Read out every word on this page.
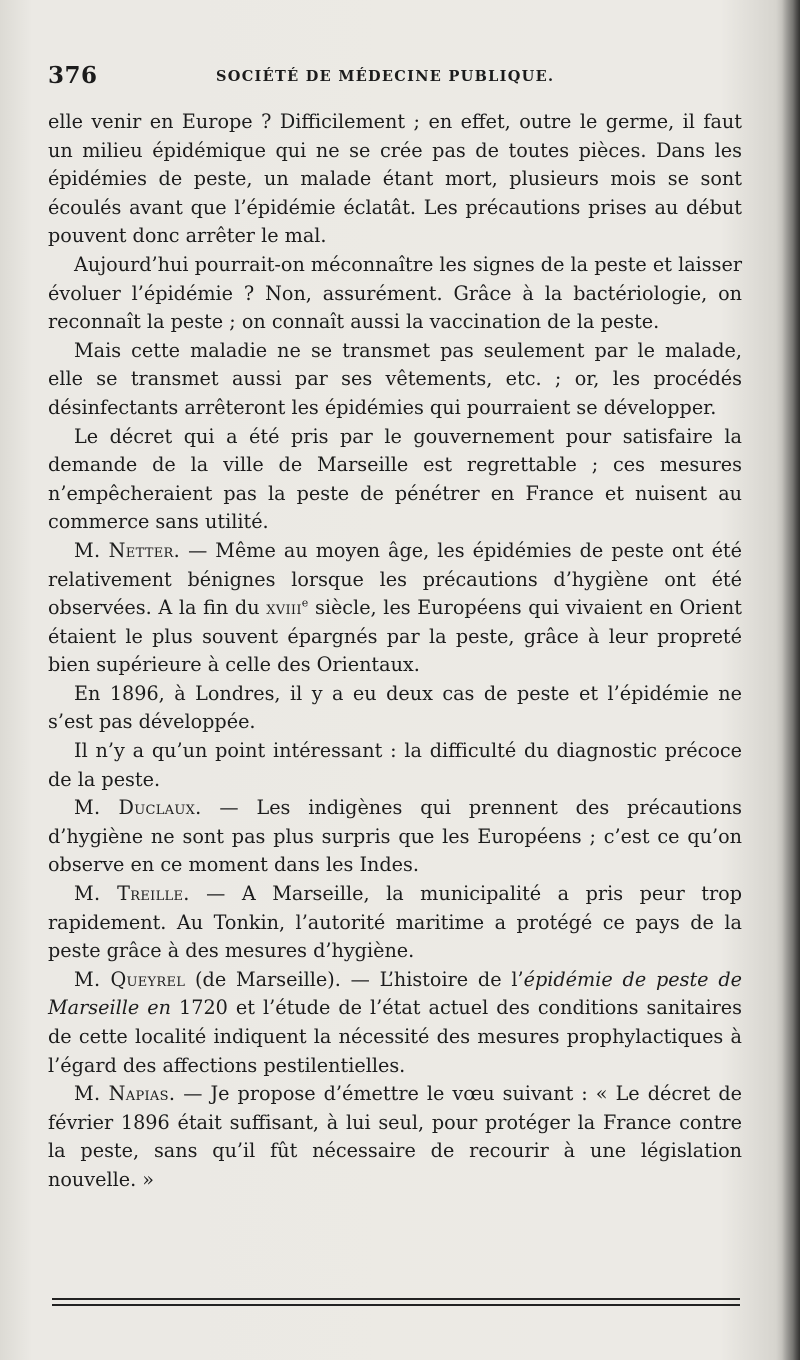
376	SOCIÉTÉ DE MÉDECINE PUBLIQUE.

elle venir en Europe ? Difficilement ; en effet, outre le germe, il faut un milieu épidémique qui ne se crée pas de toutes pièces. Dans les épidémies de peste, un malade étant mort, plusieurs mois se sont écoulés avant que l’épidémie éclatât. Les précautions prises au début pouvent donc arrêter le mal.

Aujourd’hui pourrait-on méconnaître les signes de la peste et laisser évoluer l’épidémie ? Non, assurément. Grâce à la bactériologie, on reconnaît la peste ; on connaît aussi la vaccination de la peste.

Mais cette maladie ne se transmet pas seulement par le malade, elle se transmet aussi par ses vêtements, etc. ; or, les procédés désinfectants arrêteront les épidémies qui pourraient se développer.

Le décret qui a été pris par le gouvernement pour satisfaire la demande de la ville de Marseille est regrettable ; ces mesures n’empêcheraient pas la peste de pénétrer en France et nuisent au commerce sans utilité.

M. Netter. — Même au moyen âge, les épidémies de peste ont été relativement bénignes lorsque les précautions d’hygiène ont été observées. A la fin du xviii$^e$ siècle, les Européens qui vivaient en Orient étaient le plus souvent épargnés par la peste, grâce à leur propreté bien supérieure à celle des Orientaux.

En 1896, à Londres, il y a eu deux cas de peste et l’épidémie ne s’est pas développée.

Il n’y a qu’un point intéressant : la difficulté du diagnostic précoce de la peste.

M. Duclaux. — Les indigènes qui prennent des précautions d’hygiène ne sont pas plus surpris que les Européens ; c’est ce qu’on observe en ce moment dans les Indes.

M. Treille. — A Marseille, la municipalité a pris peur trop rapidement. Au Tonkin, l’autorité maritime a protégé ce pays de la peste grâce à des mesures d’hygiène.

M. Queyrel (de Marseille). — L’histoire de l’épidémie de peste de Marseille en 1720 et l’étude de l’état actuel des conditions sanitaires de cette localité indiquent la nécessité des mesures prophylactiques à l’égard des affections pestilentielles.

M. Napias. — Je propose d’émettre le vœu suivant : « Le décret de février 1896 était suffisant, à lui seul, pour protéger la France contre la peste, sans qu’il fût nécessaire de recourir à une législation nouvelle. »
